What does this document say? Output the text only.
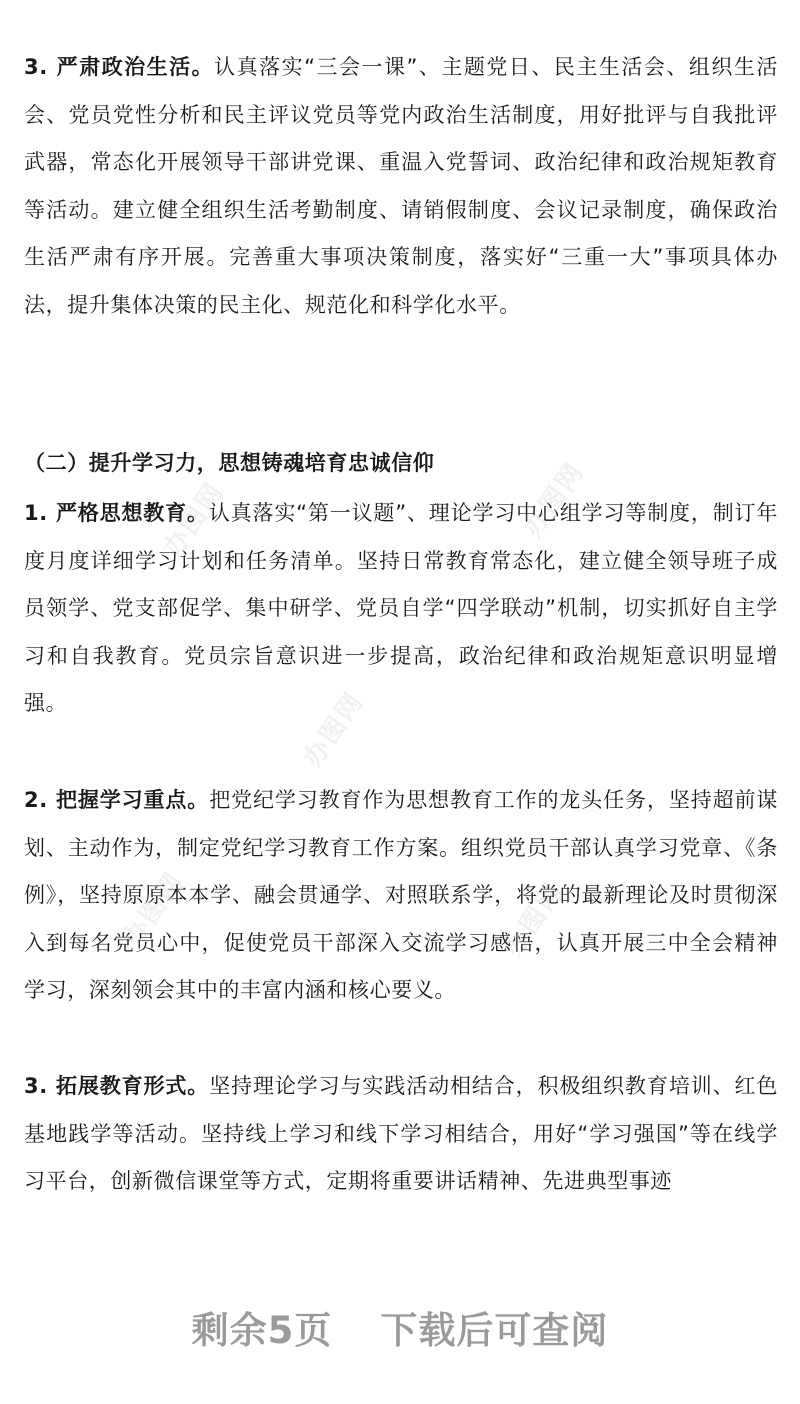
3. 严肃政治生活。认真落实“三会一课”、主题党日、民主生活会、组织生活会、党员党性分析和民主评议党员等党内政治生活制度，用好批评与自我批评武器，常态化开展领导干部讲党课、重温入党誓词、政治纪律和政治规矩教育等活动。建立健全组织生活考勤制度、请销假制度、会议记录制度，确保政治生活严肃有序开展。完善重大事项决策制度，落实好“三重一大”事项具体办法，提升集体决策的民主化、规范化和科学化水平。

（二）提升学习力，思想铸魂培育忠诚信仰

1. 严格思想教育。认真落实“第一议题”、理论学习中心组学习等制度，制订年度月度详细学习计划和任务清单。坚持日常教育常态化，建立健全领导班子成员领学、党支部促学、集中研学、党员自学“四学联动”机制，切实抓好自主学习和自我教育。党员宗旨意识进一步提高，政治纪律和政治规矩意识明显增强。

2. 把握学习重点。把党纪学习教育作为思想教育工作的龙头任务，坚持超前谋划、主动作为，制定党纪学习教育工作方案。组织党员干部认真学习党章、《条例》，坚持原原本本学、融会贯通学、对照联系学，将党的最新理论及时贯彻深入到每名党员心中，促使党员干部深入交流学习感悟，认真开展三中全会精神学习，深刻领会其中的丰富内涵和核心要义。

3. 拓展教育形式。坚持理论学习与实践活动相结合，积极组织教育培训、红色基地践学等活动。坚持线上学习和线下学习相结合，用好“学习强国”等在线学习平台，创新微信课堂等方式，定期将重要讲话精神、先进典型事迹

办图网	办图网
办图网
办图网	办图网
剩余5页 下载后可查阅
